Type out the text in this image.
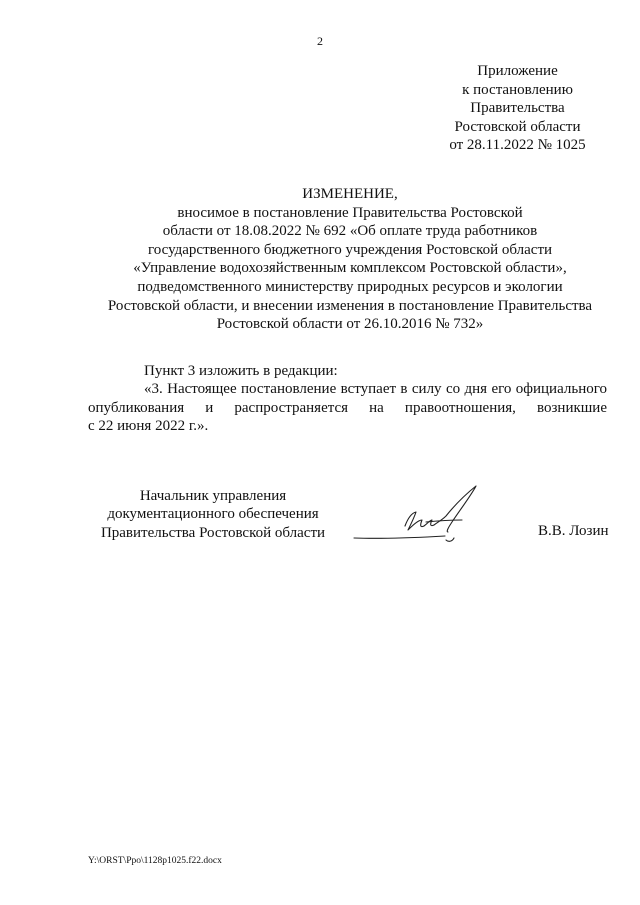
2
Приложение
к постановлению
Правительства
Ростовской области
от 28.11.2022 № 1025
ИЗМЕНЕНИЕ,
вносимое в постановление Правительства Ростовской
области от 18.08.2022 № 692 «Об оплате труда работников
государственного бюджетного учреждения Ростовской области
«Управление водохозяйственным комплексом Ростовской области»,
подведомственного министерству природных ресурсов и экологии
Ростовской области, и внесении изменения в постановление Правительства
Ростовской области от 26.10.2016 № 732»
Пункт 3 изложить в редакции:
«3. Настоящее постановление вступает в силу со дня его официального
опубликования и распространяется на правоотношения, возникшие
с 22 июня 2022 г.».
Начальник управления
документационного обеспечения
Правительства Ростовской области	В.В. Лозин
Y:\ORST\Ppo\1128p1025.f22.docx
